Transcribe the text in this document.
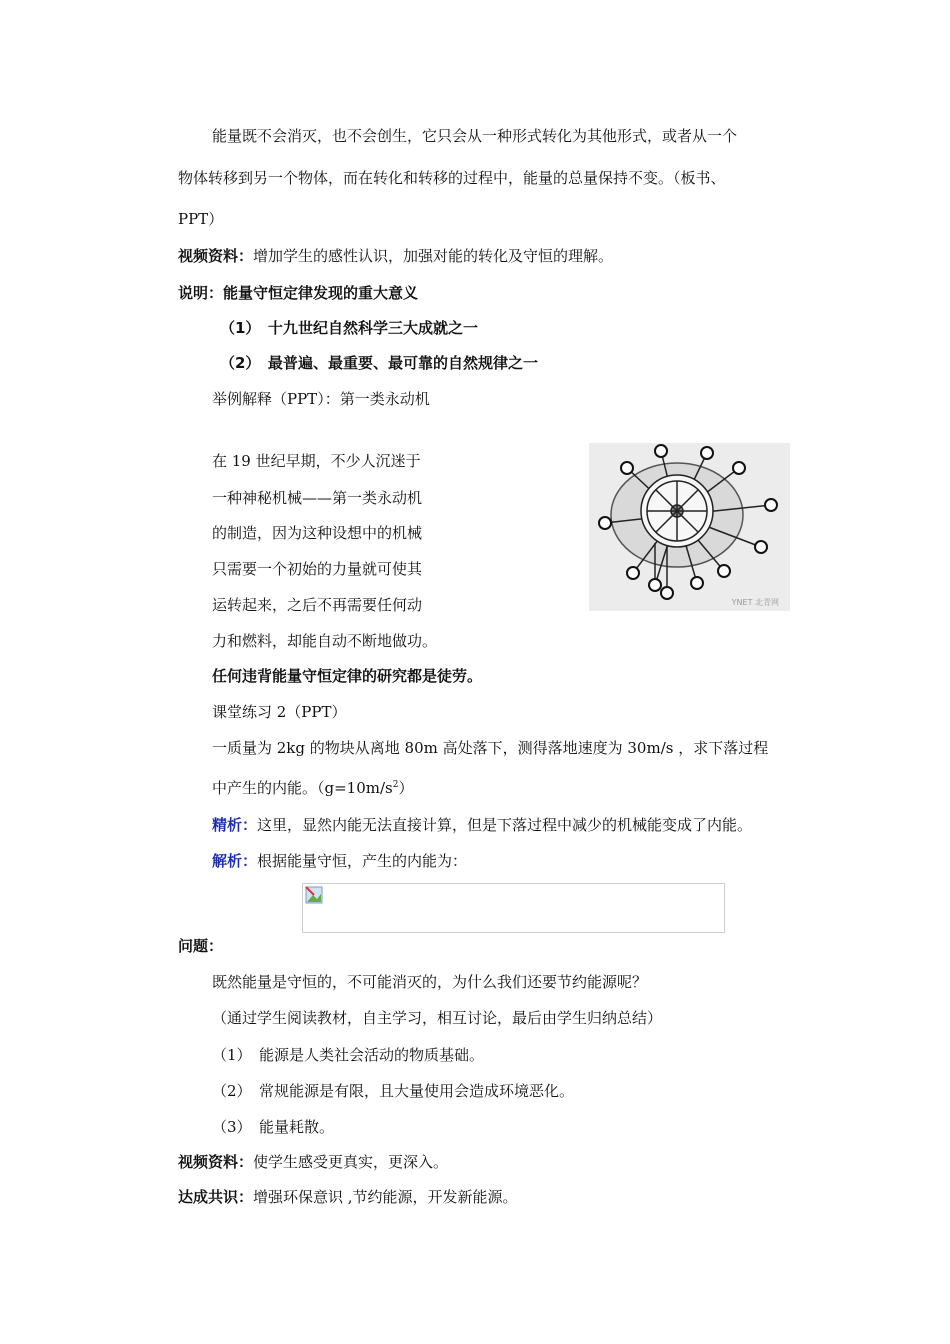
能量既不会消灭，也不会创生，它只会从一种形式转化为其他形式，或者从一个
物体转移到另一个物体，而在转化和转移的过程中，能量的总量保持不变。（板书、
PPT）
视频资料：增加学生的感性认识，加强对能的转化及守恒的理解。
说明：能量守恒定律发现的重大意义
（1）　十九世纪自然科学三大成就之一
（2）　最普遍、最重要、最可靠的自然规律之一
举例解释（PPT）：第一类永动机
在 19 世纪早期，不少人沉迷于
一种神秘机械——第一类永动机
的制造，因为这种设想中的机械
只需要一个初始的力量就可使其
运转起来，之后不再需要任何动
力和燃料，却能自动不断地做功。
YNET 北青网
任何违背能量守恒定律的研究都是徒劳。
课堂练习 2（PPT）
一质量为 2kg 的物块从离地 80m 高处落下，测得落地速度为 30m/s ，求下落过程
中产生的内能。$(g=10m/s^2)$
精析：这里，显然内能无法直接计算，但是下落过程中减少的机械能变成了内能。
解析：根据能量守恒，产生的内能为：
问题：
既然能量是守恒的，不可能消灭的，为什么我们还要节约能源呢？
（通过学生阅读教材，自主学习，相互讨论，最后由学生归纳总结）
（1）　能源是人类社会活动的物质基础。
（2）　常规能源是有限，且大量使用会造成环境恶化。
（3）　能量耗散。
视频资料：使学生感受更真实，更深入。
达成共识：增强环保意识 ,节约能源，开发新能源。
